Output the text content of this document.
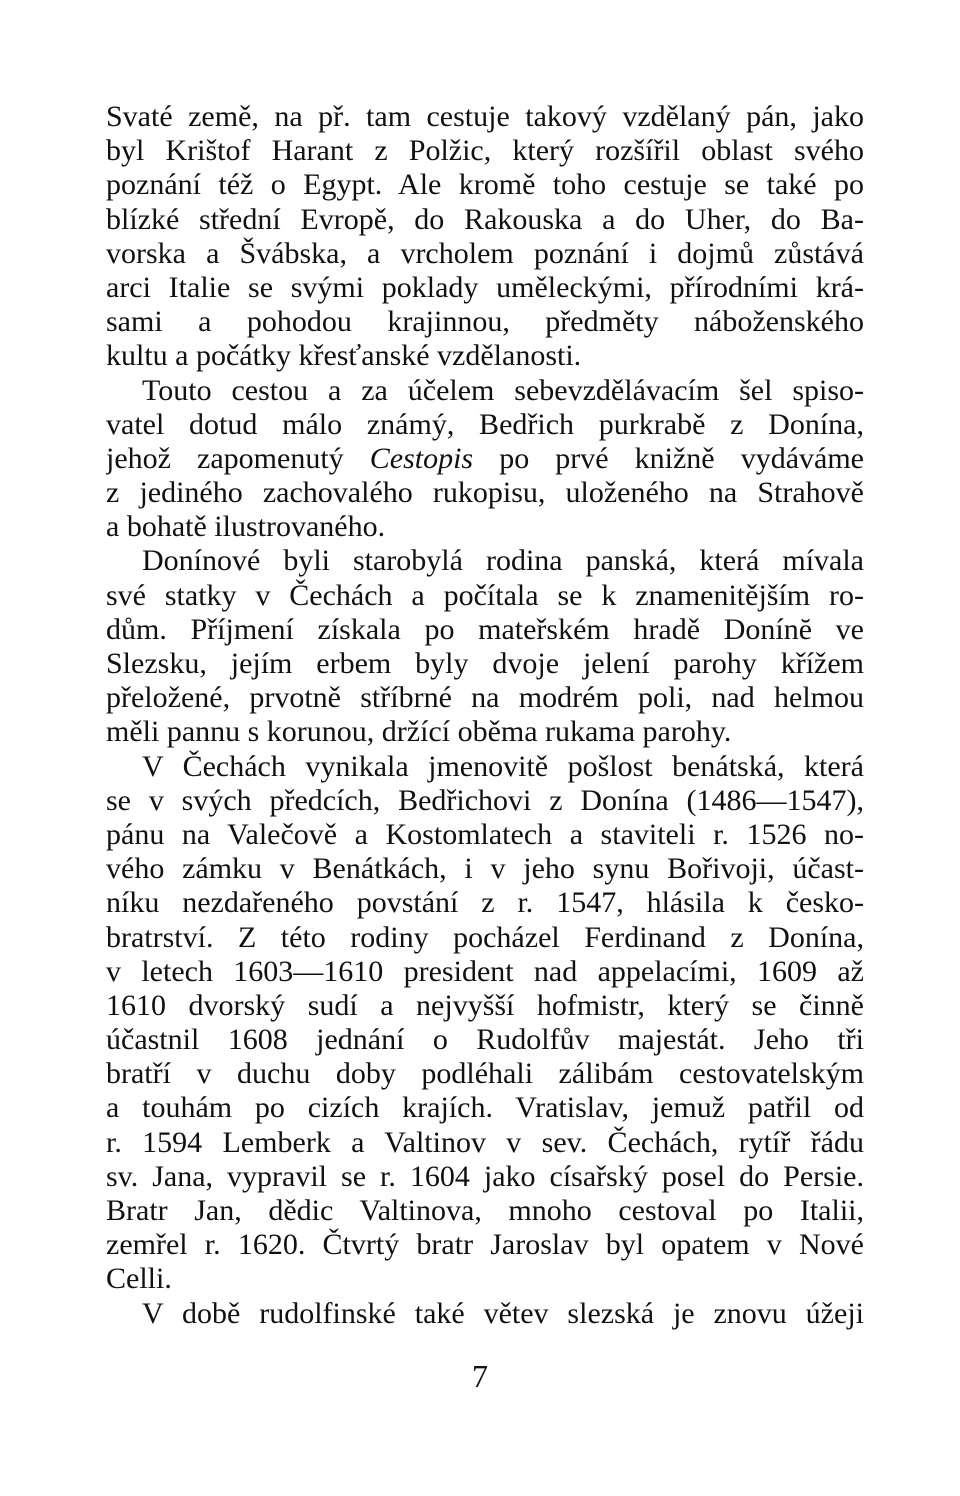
Svaté země, na př. tam cestuje takový vzdělaný pán, jako
byl Krištof Harant z Polžic, který rozšířil oblast svého
poznání též o Egypt. Ale kromě toho cestuje se také po
blízké střední Evropě, do Rakouska a do Uher, do Ba-
vorska a Švábska, a vrcholem poznání i dojmů zůstává
arci Italie se svými poklady uměleckými, přírodními krá-
sami a pohodou krajinnou, předměty náboženského
kultu a počátky křesťanské vzdělanosti.
Touto cestou a za účelem sebevzdělávacím šel spiso-
vatel dotud málo známý, Bedřich purkrabě z Donína,
jehož zapomenutý Cestopis po prvé knižně vydáváme
z jediného zachovalého rukopisu, uloženého na Strahově
a bohatě ilustrovaného.
Donínové byli starobylá rodina panská, která mívala
své statky v Čechách a počítala se k znamenitějším ro-
dům. Příjmení získala po mateřském hradě Donínĕ ve
Slezsku, jejím erbem byly dvoje jelení parohy křížem
přeložené, prvotně stříbrné na modrém poli, nad helmou
měli pannu s korunou, držící oběma rukama parohy.
V Čechách vynikala jmenovitě pošlost benátská, která
se v svých předcích, Bedřichovi z Donína (1486—1547),
pánu na Valečově a Kostomlatech a staviteli r. 1526 no-
vého zámku v Benátkách, i v jeho synu Bořivoji, účast-
níku nezdařeného povstání z r. 1547, hlásila k česko-
bratrství. Z této rodiny pocházel Ferdinand z Donína,
v letech 1603—1610 president nad appelacími, 1609 až
1610 dvorský sudí a nejvyšší hofmistr, který se činně
účastnil 1608 jednání o Rudolfův majestát. Jeho tři
bratří v duchu doby podléhali zálibám cestovatelským
a touhám po cizích krajích. Vratislav, jemuž patřil od
r. 1594 Lemberk a Valtinov v sev. Čechách, rytíř řádu
sv. Jana, vypravil se r. 1604 jako císařský posel do Persie.
Bratr Jan, dědic Valtinova, mnoho cestoval po Italii,
zemřel r. 1620. Čtvrtý bratr Jaroslav byl opatem v Nové
Celli.
V době rudolfinské také větev slezská je znovu úžeji
7
